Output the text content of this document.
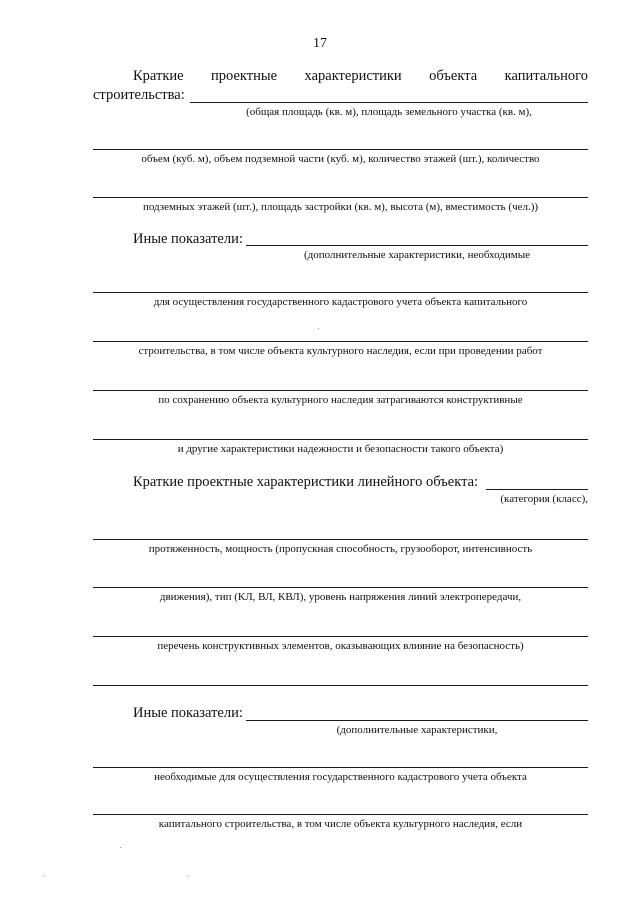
17
Краткие проектные характеристики объекта капитального
строительства:
(общая площадь (кв. м), площадь земельного участка (кв. м),
объем (куб. м), объем подземной части (куб. м), количество этажей (шт.), количество
подземных этажей (шт.), площадь застройки (кв. м), высота (м), вместимость (чел.))
Иные показатели:
(дополнительные характеристики, необходимые
для осуществления государственного кадастрового учета объекта капитального
строительства, в том числе объекта культурного наследия, если при проведении работ
по сохранению объекта культурного наследия затрагиваются конструктивные
и другие характеристики надежности и безопасности такого объекта)
Краткие проектные характеристики линейного объекта:
(категория (класс),
протяженность, мощность (пропускная способность, грузооборот, интенсивность
движения), тип (КЛ, ВЛ, КВЛ), уровень напряжения линий электропередачи,
перечень конструктивных элементов, оказывающих влияние на безопасность)
Иные показатели:
(дополнительные характеристики,
необходимые для осуществления государственного кадастрового учета объекта
капитального строительства, в том числе объекта культурного наследия, если
